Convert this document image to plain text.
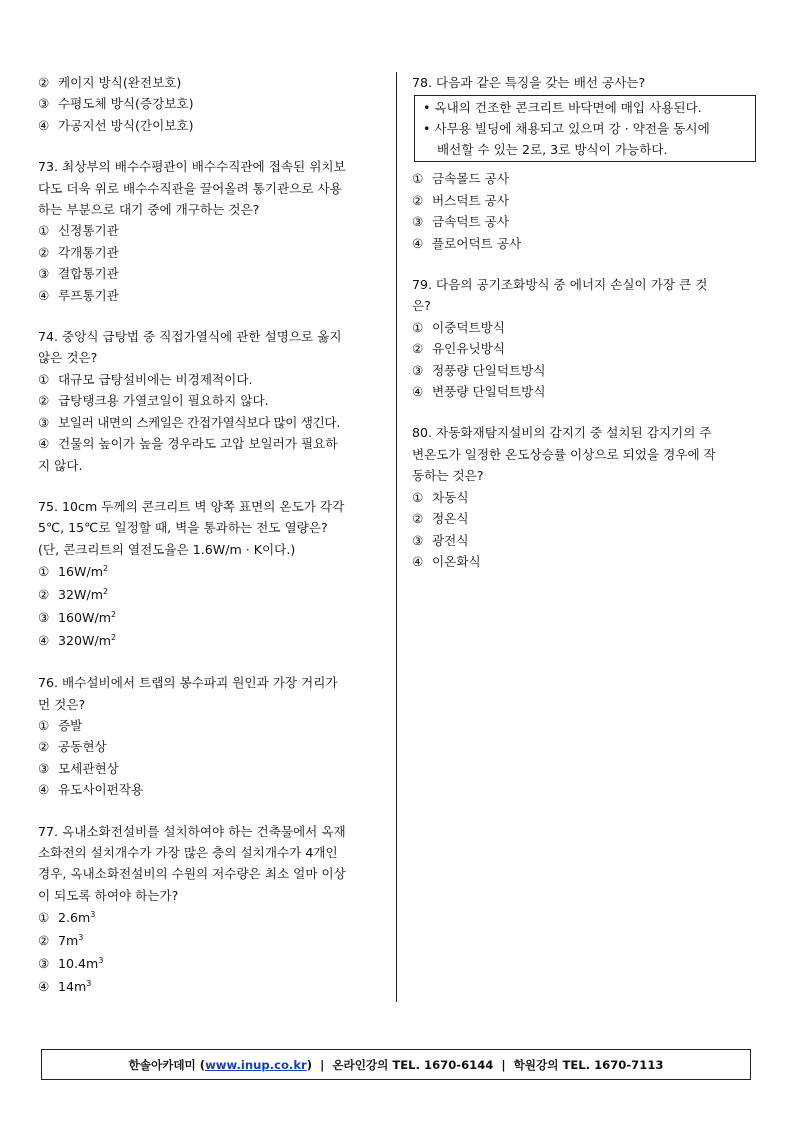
② 케이지 방식(완전보호)
③ 수평도체 방식(증강보호)
④ 가공지선 방식(간이보호)
73. 최상부의 배수수평관이 배수수직관에 접속된 위치보
다도 더욱 위로 배수수직관을 끌어올려 통기관으로 사용
하는 부분으로 대기 중에 개구하는 것은?
① 신정통기관
② 각개통기관
③ 결합통기관
④ 루프통기관
74. 중앙식 급탕법 중 직접가열식에 관한 설명으로 옳지
않은 것은?
① 대규모 급탕설비에는 비경제적이다.
② 급탕탱크용 가열코일이 필요하지 않다.
③ 보일러 내면의 스케일은 간접가열식보다 많이 생긴다.
④ 건물의 높이가 높을 경우라도 고압 보일러가 필요하
지 않다.
75. 10cm 두께의 콘크리트 벽 양쪽 표면의 온도가 각각
5℃, 15℃로 일정할 때, 벽을 통과하는 전도 열량은?
(단, 콘크리트의 열전도율은 1.6W/m · K이다.)
① $16W/m^2$
② $32W/m^2$
③ $160W/m^2$
④ $320W/m^2$
76. 배수설비에서 트랩의 봉수파괴 원인과 가장 거리가
먼 것은?
① 증발
② 공동현상
③ 모세관현상
④ 유도사이펀작용
77. 옥내소화전설비를 설치하여야 하는 건축물에서 옥재
소화전의 설치개수가 가장 많은 층의 설치개수가 4개인
경우, 옥내소화전설비의 수원의 저수량은 최소 얼마 이상
이 되도록 하여야 하는가?
① $2.6m^3$
② $7m^3$
③ $10.4m^3$
④ $14m^3$
78. 다음과 같은 특징을 갖는 배선 공사는?
• 옥내의 건조한 콘크리트 바닥면에 매입 사용된다.
• 사무용 빌딩에 채용되고 있으며 강 · 약전을 동시에
배선할 수 있는 2로, 3로 방식이 가능하다.
① 금속몰드 공사
② 버스덕트 공사
③ 금속덕트 공사
④ 플로어덕트 공사
79. 다음의 공기조화방식 중 에너지 손실이 가장 큰 것
은?
① 이중덕트방식
② 유인유닛방식
③ 정풍량 단일덕트방식
④ 변풍량 단일덕트방식
80. 자동화재탐지설비의 감지기 중 설치된 감지기의 주
변온도가 일정한 온도상승률 이상으로 되었을 경우에 작
동하는 것은?
① 차동식
② 정온식
③ 광전식
④ 이온화식
한솔아카데미 ( www.inup.co.kr ) | 온라인강의 TEL. 1670-6144 | 학원강의 TEL. 1670-7113
